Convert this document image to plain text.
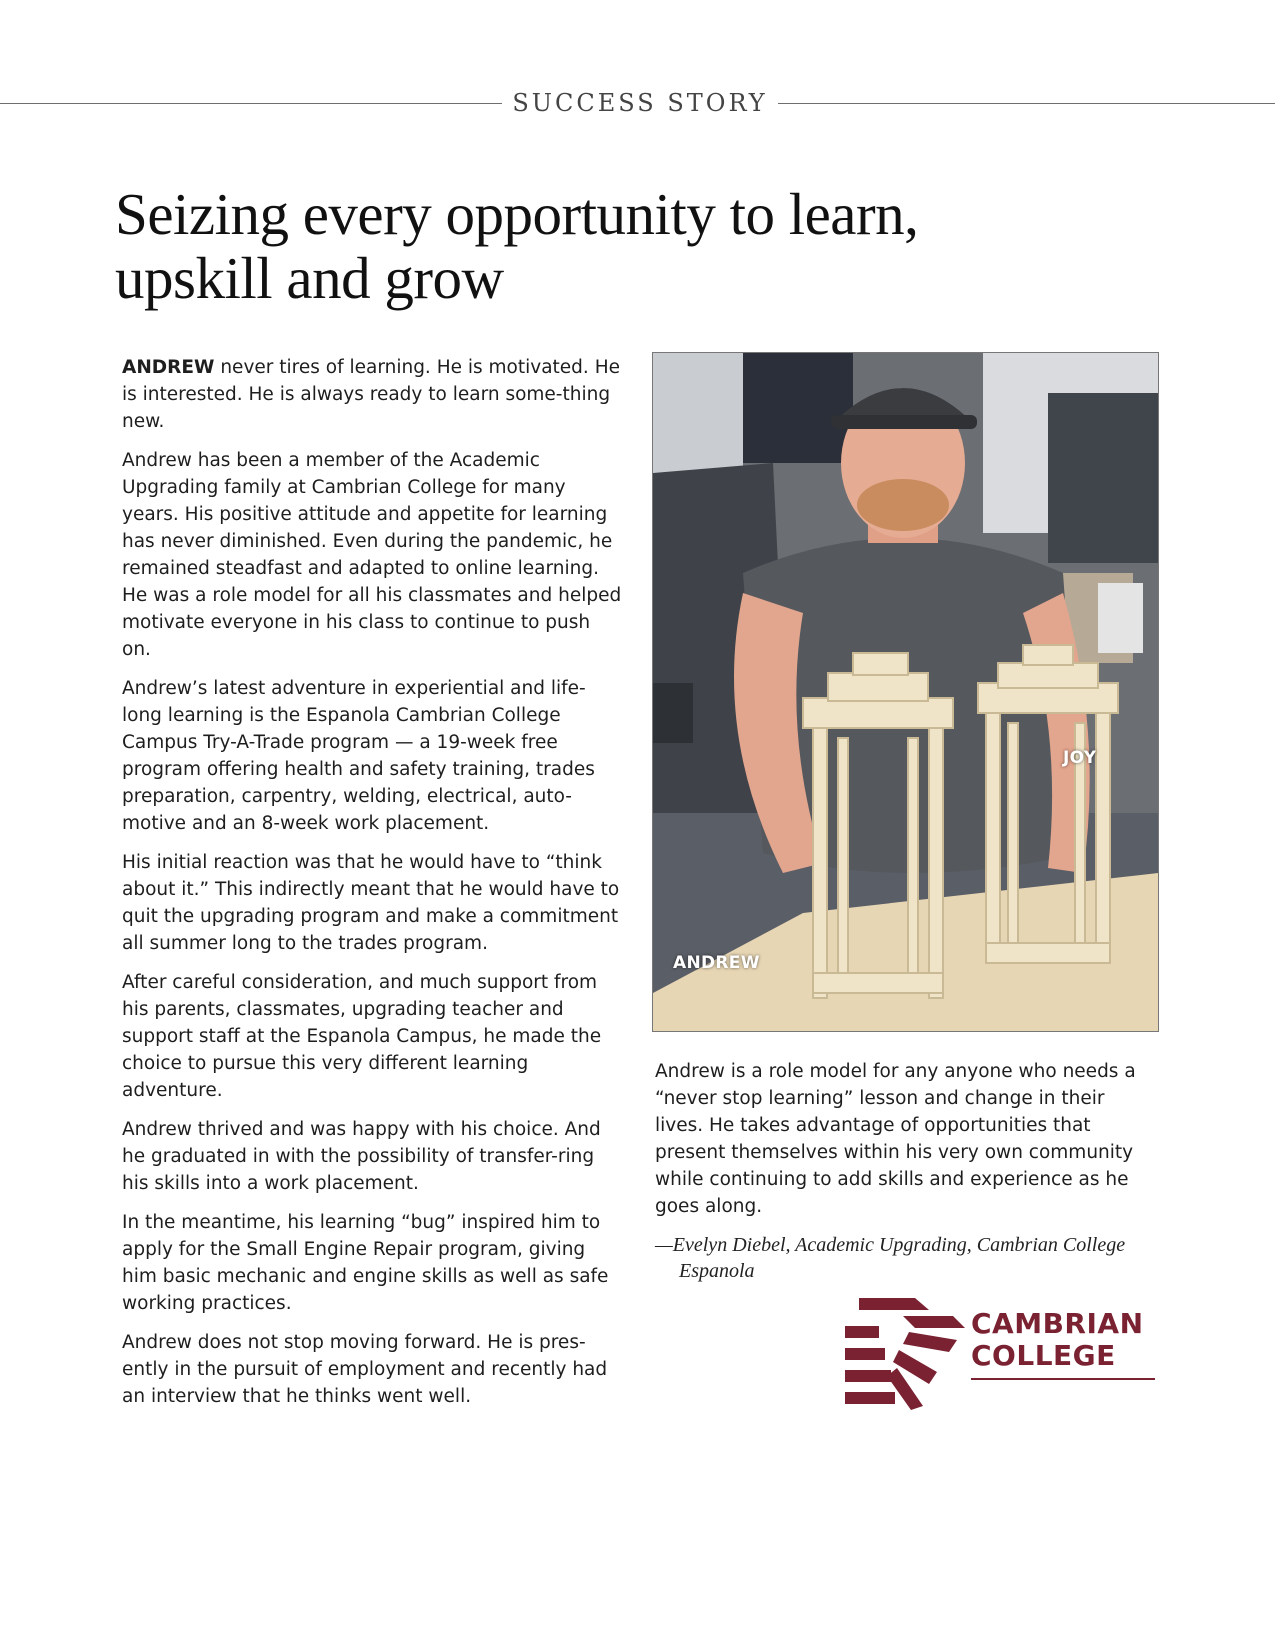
SUCCESS STORY
Seizing every opportunity to learn, upskill and grow

ANDREW never tires of learning. He is motivated. He is interested. He is always ready to learn some-thing new.

Andrew has been a member of the Academic Upgrading family at Cambrian College for many years. His positive attitude and appetite for learning has never diminished. Even during the pandemic, he remained steadfast and adapted to online learning. He was a role model for all his classmates and helped motivate everyone in his class to continue to push on.

Andrew’s latest adventure in experiential and life-long learning is the Espanola Cambrian College Campus Try-A-Trade program — a 19-week free program offering health and safety training, trades preparation, carpentry, welding, electrical, auto-motive and an 8-week work placement.

His initial reaction was that he would have to “think about it.” This indirectly meant that he would have to quit the upgrading program and make a commitment all summer long to the trades program.

After careful consideration, and much support from his parents, classmates, upgrading teacher and support staff at the Espanola Campus, he made the choice to pursue this very different learning adventure.

Andrew thrived and was happy with his choice. And he graduated in with the possibility of transfer-ring his skills into a work placement.

In the meantime, his learning “bug” inspired him to apply for the Small Engine Repair program, giving him basic mechanic and engine skills as well as safe working practices.

Andrew does not stop moving forward. He is pres-ently in the pursuit of employment and recently had an interview that he thinks went well.

ANDREW
JOY

Andrew is a role model for any anyone who needs a “never stop learning” lesson and change in their lives. He takes advantage of opportunities that present themselves within his very own community while continuing to add skills and experience as he goes along.

—Evelyn Diebel, Academic Upgrading, Cambrian College Espanola
CAMBRIAN
COLLEGE
